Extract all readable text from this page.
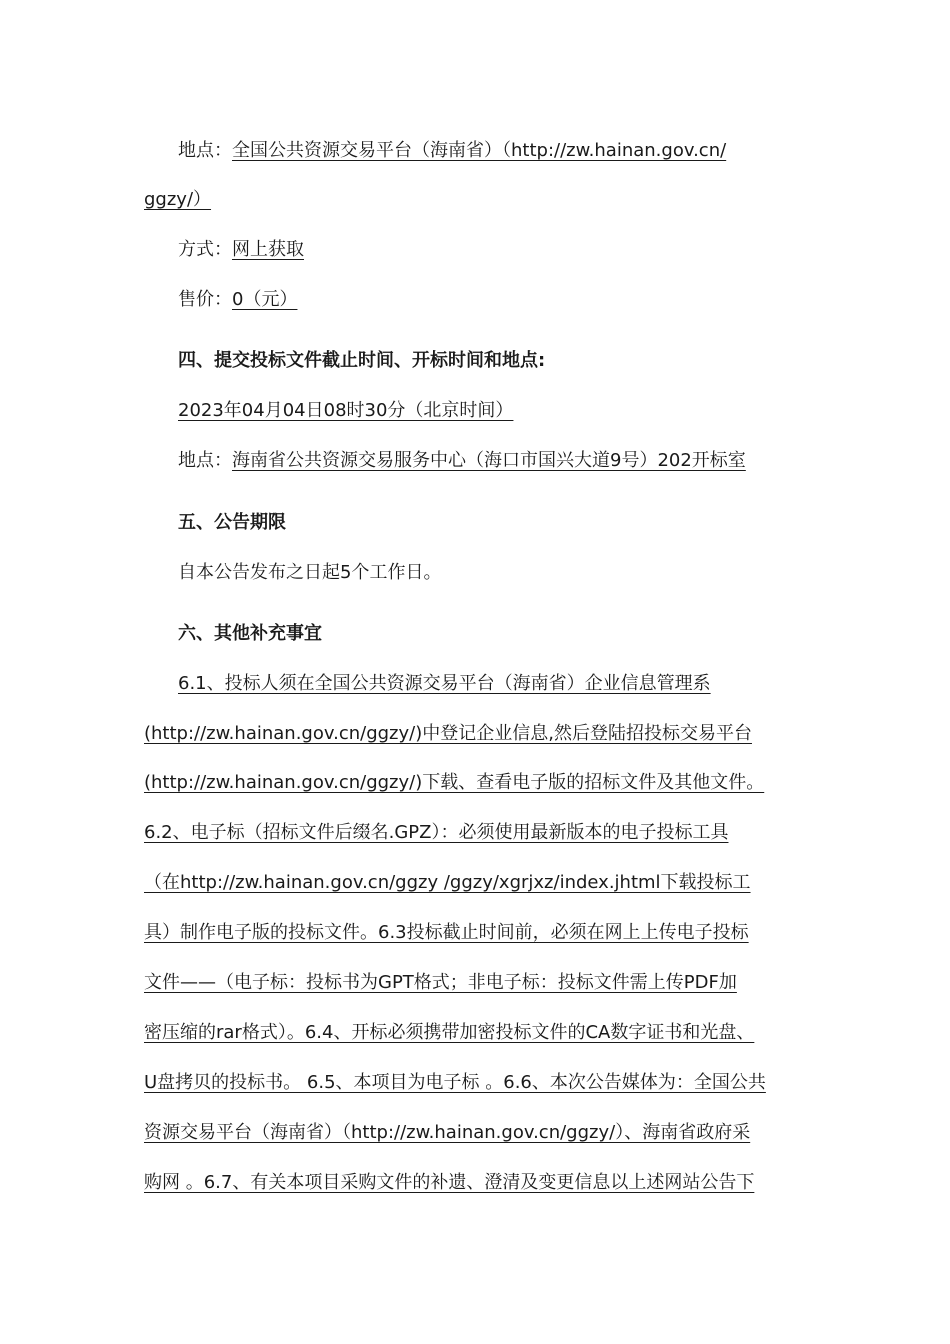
地点：全国公共资源交易平台（海南省）（http://zw.hainan.gov.cn/
ggzy/）
方式：网上获取
售价：0（元）
四、提交投标文件截止时间、开标时间和地点:
2023年04月04日08时30分（北京时间）
地点：海南省公共资源交易服务中心（海口市国兴大道9号）202开标室
五、公告期限
自本公告发布之日起5个工作日。
六、其他补充事宜
6.1、投标人须在全国公共资源交易平台（海南省）企业信息管理系
(http://zw.hainan.gov.cn/ggzy/)中登记企业信息,然后登陆招投标交易平台
(http://zw.hainan.gov.cn/ggzy/)下载、查看电子版的招标文件及其他文件。
6.2、电子标（招标文件后缀名.GPZ）：必须使用最新版本的电子投标工具
（在http://zw.hainan.gov.cn/ggzy /ggzy/xgrjxz/index.jhtml下载投标工
具）制作电子版的投标文件。6.3投标截止时间前，必须在网上上传电子投标
文件——（电子标：投标书为GPT格式；非电子标：投标文件需上传PDF加
密压缩的rar格式）。6.4、开标必须携带加密投标文件的CA数字证书和光盘、
U盘拷贝的投标书。 6.5、本项目为电子标 。6.6、本次公告媒体为：全国公共
资源交易平台（海南省）（http://zw.hainan.gov.cn/ggzy/）、海南省政府采
购网 。6.7、有关本项目采购文件的补遗、澄清及变更信息以上述网站公告下
